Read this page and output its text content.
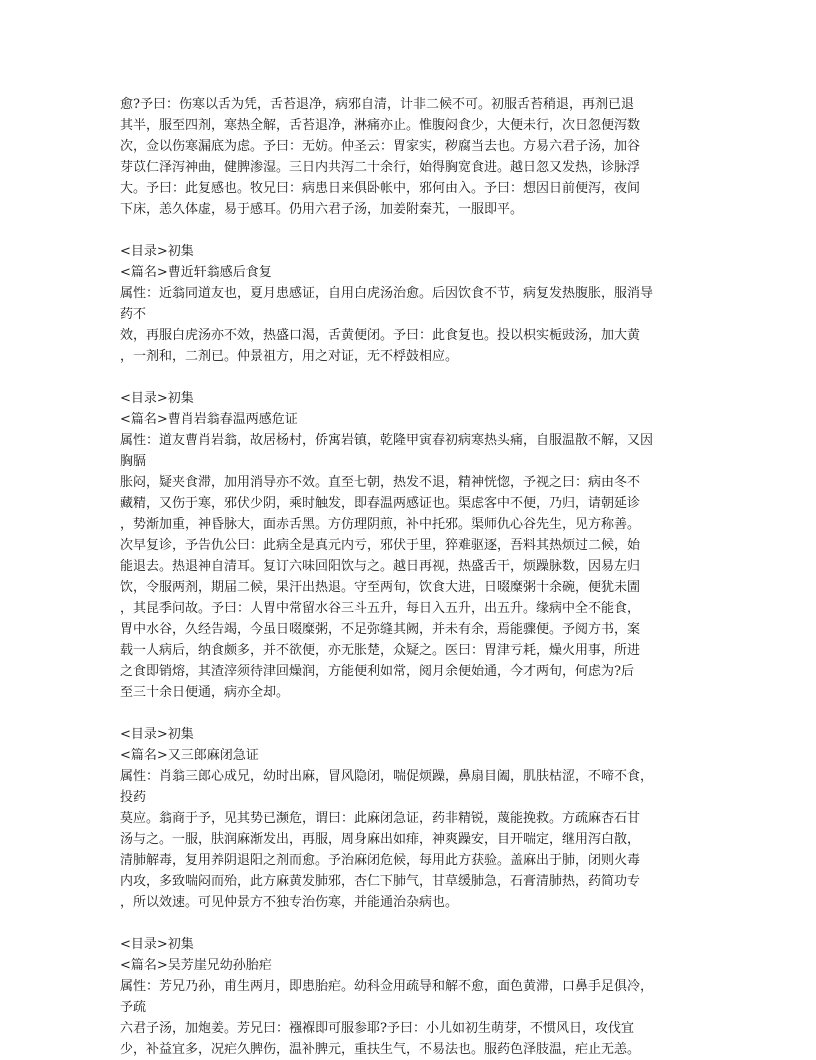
愈?予曰：伤寒以舌为凭，舌苔退净，病邪自清，计非二候不可。初服舌苔稍退，再剂已退
其半，服至四剂，寒热全解，舌苔退净，淋痛亦止。惟腹闷食少，大便未行，次日忽便泻数
次，佥以伤寒漏底为虑。予曰：无妨。仲圣云：胃家实，秽腐当去也。方易六君子汤，加谷
芽苡仁泽泻神曲，健脾渗湿。三日内共泻二十余行，始得胸宽食进。越日忽又发热，诊脉浮
大。予曰：此复感也。牧兄曰：病患日来俱卧帐中，邪何由入。予曰：想因日前便泻，夜间
下床，恙久体虚，易于感耳。仍用六君子汤，加姜附秦艽，一服即平。
<目录>初集
<篇名>曹近轩翁感后食复
属性：近翁同道友也，夏月患感证，自用白虎汤治愈。后因饮食不节，病复发热腹胀，服消导
药不
效，再服白虎汤亦不效，热盛口渴，舌黄便闭。予曰：此食复也。投以枳实栀豉汤，加大黄
，一剂和，二剂已。仲景祖方，用之对证，无不桴鼓相应。
<目录>初集
<篇名>曹肖岩翁春温两感危证
属性：道友曹肖岩翁，故居杨村，侨寓岩镇，乾隆甲寅春初病寒热头痛，自服温散不解，又因
胸膈
胀闷，疑夹食滞，加用消导亦不效。直至七朝，热发不退，精神恍惚，予视之曰：病由冬不
藏精，又伤于寒，邪伏少阴，乘时触发，即春温两感证也。渠虑客中不便，乃归，请朝延诊
，势渐加重，神昏脉大，面赤舌黑。方仿理阴煎，补中托邪。渠师仇心谷先生，见方称善。
次早复诊，予告仇公曰：此病全是真元内亏，邪伏于里，猝难驱逐，吾料其热烦过二候，始
能退去。热退神自清耳。复订六味回阳饮与之。越日再视，热盛舌干，烦躁脉数，因易左归
饮，令服两剂，期届二候，果汗出热退。守至两旬，饮食大进，日啜糜粥十余碗，便犹未圊
，其昆季问故。予曰：人胃中常留水谷三斗五升，每日入五升，出五升。缘病中全不能食，
胃中水谷，久经告竭，今虽日啜糜粥，不足弥缝其阙，并未有余，焉能骤便。予阅方书，案
载一人病后，纳食颇多，并不欲便，亦无胀楚，众疑之。医曰：胃津亏耗，燥火用事，所进
之食即销熔，其渣滓须待津回燥润，方能便利如常，阅月余便始通，今才两旬，何虑为?后
至三十余日便通，病亦全却。
<目录>初集
<篇名>又三郎麻闭急证
属性：肖翁三郎心成兄，幼时出麻，冒风隐闭，喘促烦躁，鼻扇目阖，肌肤枯涩，不啼不食，
投药
莫应。翁商于予，见其势已濒危，谓曰：此麻闭急证，药非精锐，蔑能挽救。方疏麻杏石甘
汤与之。一服，肤润麻渐发出，再服，周身麻出如痱，神爽躁安，目开喘定，继用泻白散，
清肺解毒，复用养阴退阳之剂而愈。予治麻闭危候，每用此方获验。盖麻出于肺，闭则火毒
内攻，多致喘闷而殆，此方麻黄发肺邪，杏仁下肺气，甘草缓肺急，石膏清肺热，药简功专
，所以效速。可见仲景方不独专治伤寒，并能通治杂病也。
<目录>初集
<篇名>吴芳崖兄幼孙胎疟
属性：芳兄乃孙，甫生两月，即患胎疟。幼科佥用疏导和解不愈，面色黄滞，口鼻手足俱冷，
予疏
六君子汤，加炮姜。芳兄曰：襁褓即可服参耶?予曰：小儿如初生萌芽，不惯风日，攻伐宜
少，补益宜多，况疟久脾伤，温补脾元，重扶生气，不易法也。服药色泽肢温，疟止无恙。
